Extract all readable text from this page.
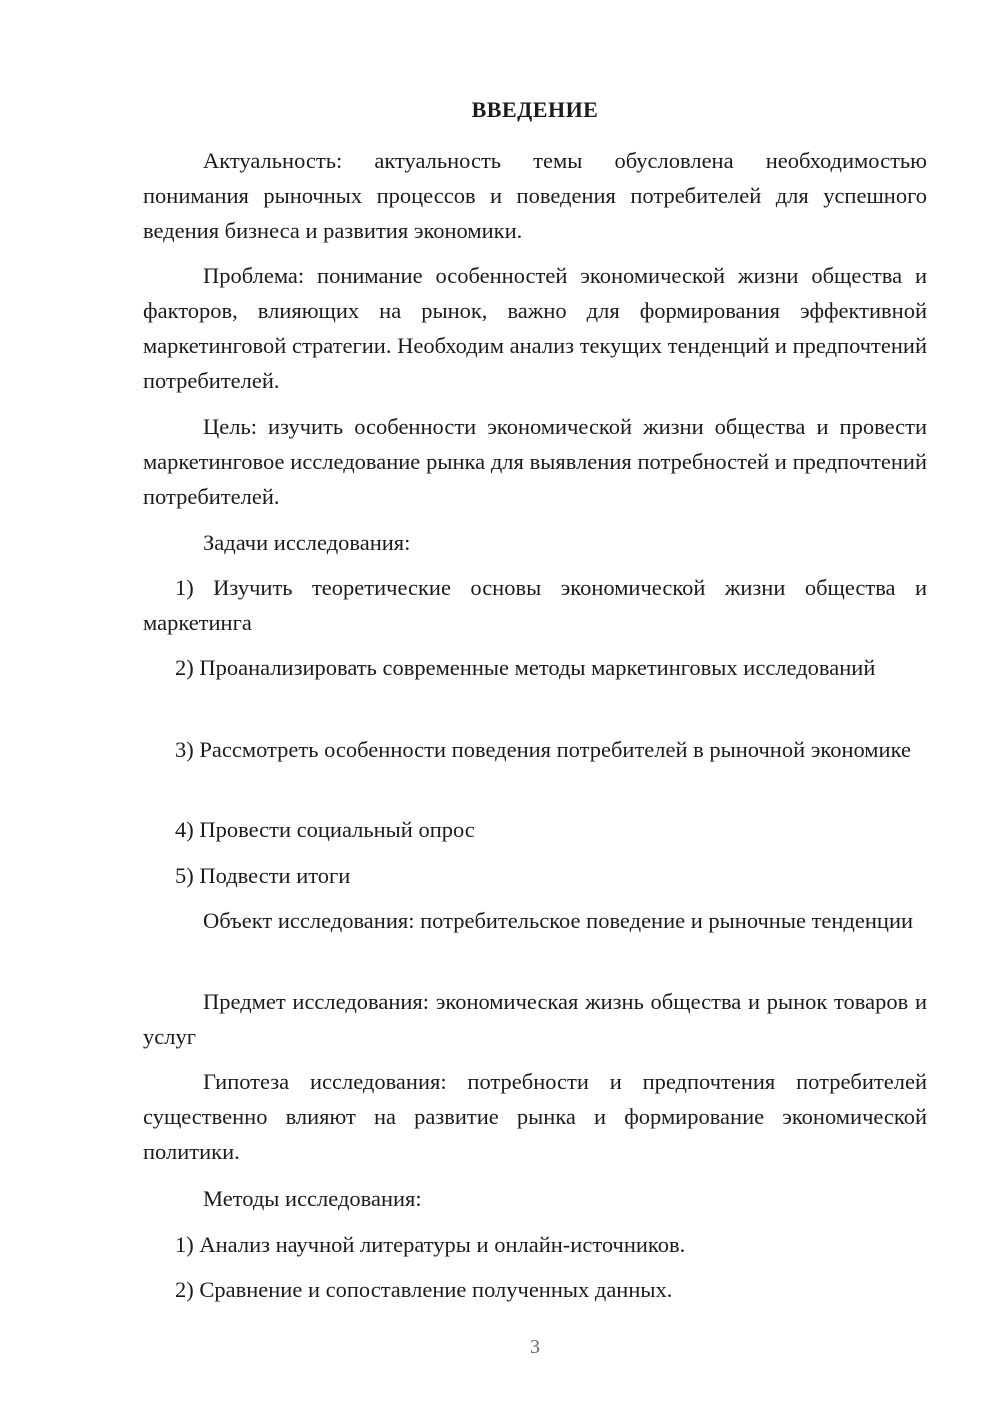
ВВЕДЕНИЕ
Актуальность: актуальность темы обусловлена необходимостью понимания рыночных процессов и поведения потребителей для успешного ведения бизнеса и развития экономики.
Проблема: понимание особенностей экономической жизни общества и факторов, влияющих на рынок, важно для формирования эффективной маркетинговой стратегии. Необходим анализ текущих тенденций и предпочтений потребителей.
Цель: изучить особенности экономической жизни общества и провести маркетинговое исследование рынка для выявления потребностей и предпочтений потребителей.
Задачи исследования:
1) Изучить теоретические основы экономической жизни общества и маркетинга
2) Проанализировать современные методы маркетинговых исследований
3) Рассмотреть особенности поведения потребителей в рыночной экономике
4) Провести социальный опрос
5) Подвести итоги
Объект исследования: потребительское поведение и рыночные тенденции
Предмет исследования: экономическая жизнь общества и рынок товаров и услуг
Гипотеза исследования: потребности и предпочтения потребителей существенно влияют на развитие рынка и формирование экономической политики.
Методы исследования:
1) Анализ научной литературы и онлайн-источников.
2) Сравнение и сопоставление полученных данных.
3
